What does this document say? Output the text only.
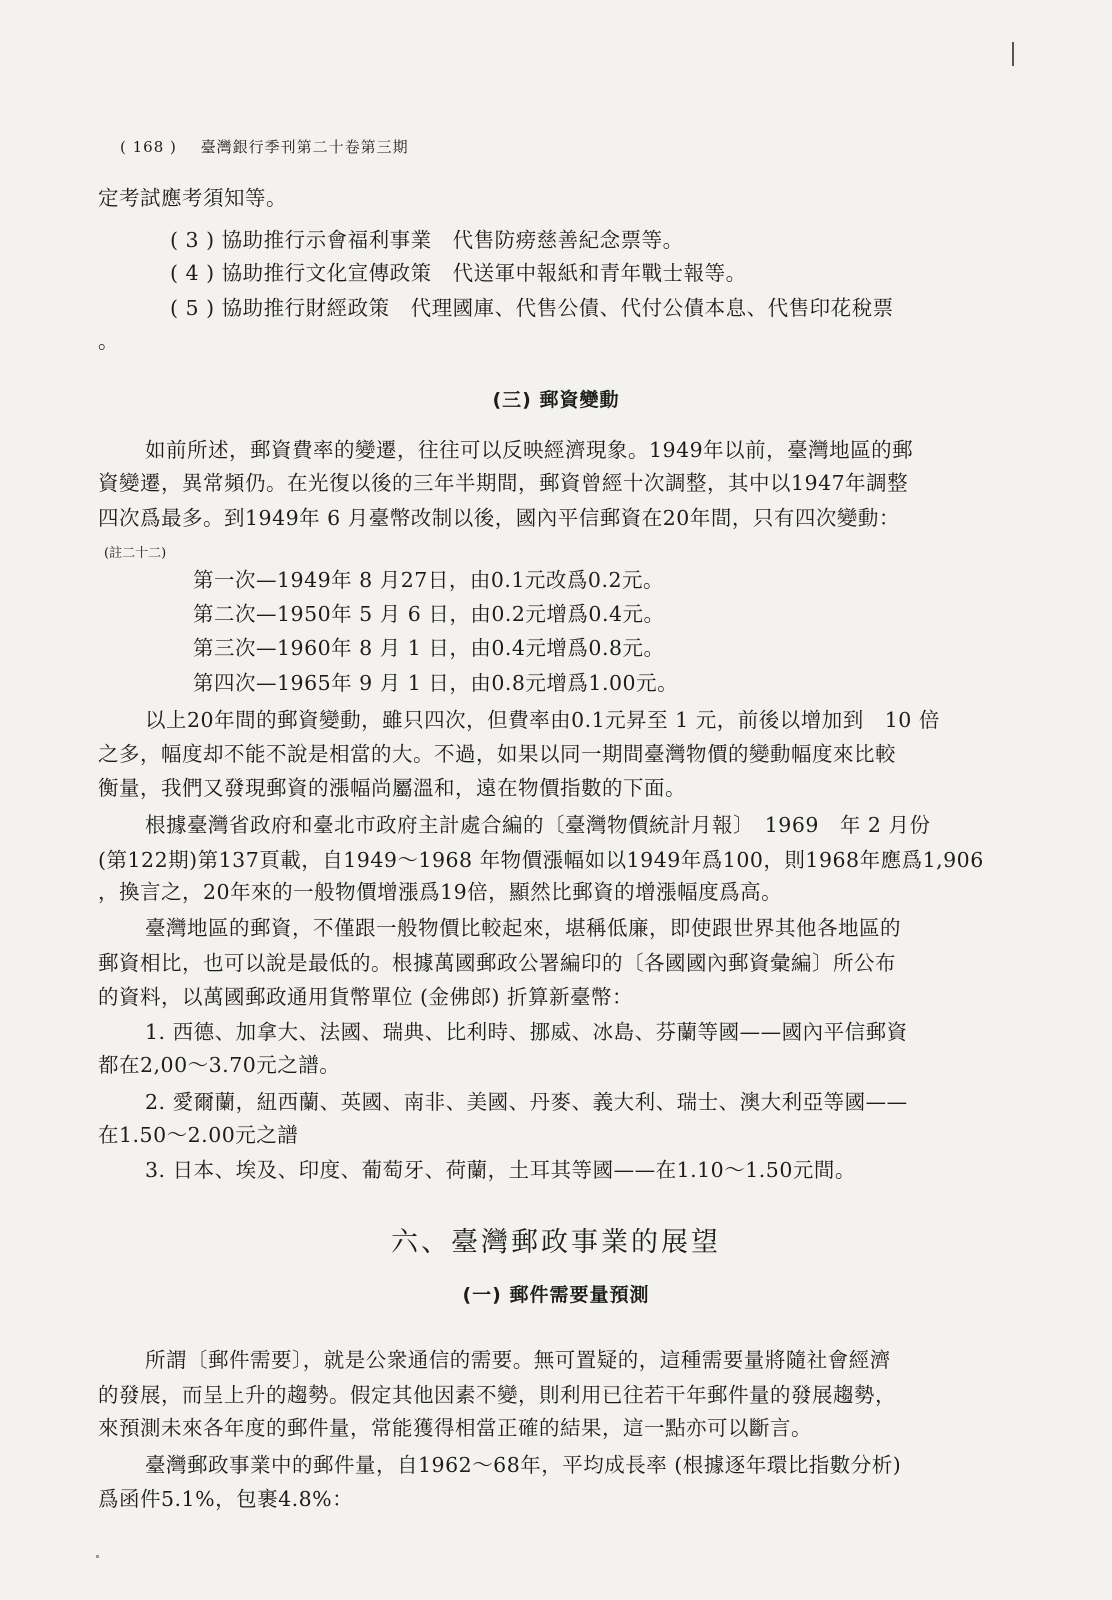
( 168 ) 臺灣銀行季刊第二十卷第三期
定考試應考須知等。
( 3 ) 協助推行示會福利事業　代售防痨慈善紀念票等。
( 4 ) 協助推行文化宣傳政策　代送軍中報紙和青年戰士報等。
( 5 ) 協助推行財經政策　代理國庫、代售公債、代付公債本息、代售印花稅票
。
(三) 郵資變動
如前所述，郵資費率的變遷，往往可以反映經濟現象。1949年以前，臺灣地區的郵
資變遷，異常頻仍。在光復以後的三年半期間，郵資曾經十次調整，其中以1947年調整
四次爲最多。到1949年 6 月臺幣改制以後，國內平信郵資在20年間，只有四次變動：
(註二十二)
第一次—1949年 8 月27日，由0.1元改爲0.2元。
第二次—1950年 5 月 6 日，由0.2元增爲0.4元。
第三次—1960年 8 月 1 日，由0.4元增爲0.8元。
第四次—1965年 9 月 1 日，由0.8元增爲1.00元。
以上20年間的郵資變動，雖只四次，但費率由0.1元昇至 1 元，前後以增加到　10 倍
之多，幅度却不能不說是相當的大。不過，如果以同一期間臺灣物價的變動幅度來比較
衡量，我們又發現郵資的漲幅尚屬溫和，遠在物價指數的下面。
根據臺灣省政府和臺北市政府主計處合編的〔臺灣物價統計月報〕　1969　年 2 月份
(第122期)第137頁載，自1949～1968 年物價漲幅如以1949年爲100，則1968年應爲1,906
，換言之，20年來的一般物價增漲爲19倍，顯然比郵資的增漲幅度爲高。
臺灣地區的郵資，不僅跟一般物價比較起來，堪稱低廉，即使跟世界其他各地區的
郵資相比，也可以說是最低的。根據萬國郵政公署編印的〔各國國內郵資彙編〕所公布
的資料，以萬國郵政通用貨幣單位 (金佛郎) 折算新臺幣：
1. 西德、加拿大、法國、瑞典、比利時、挪威、冰島、芬蘭等國——國內平信郵資
都在2,00～3.70元之譜。
2. 愛爾蘭，紐西蘭、英國、南非、美國、丹麥、義大利、瑞士、澳大利亞等國——
在1.50～2.00元之譜
3. 日本、埃及、印度、葡萄牙、荷蘭，土耳其等國——在1.10～1.50元間。
六、臺灣郵政事業的展望
(一) 郵件需要量預測
所謂〔郵件需要〕，就是公衆通信的需要。無可置疑的，這種需要量將隨社會經濟
的發展，而呈上升的趨勢。假定其他因素不變，則利用已往若干年郵件量的發展趨勢，
來預測未來各年度的郵件量，常能獲得相當正確的結果，這一點亦可以斷言。
臺灣郵政事業中的郵件量，自1962～68年，平均成長率 (根據逐年環比指數分析)
爲函件5.1%，包裹4.8%：
